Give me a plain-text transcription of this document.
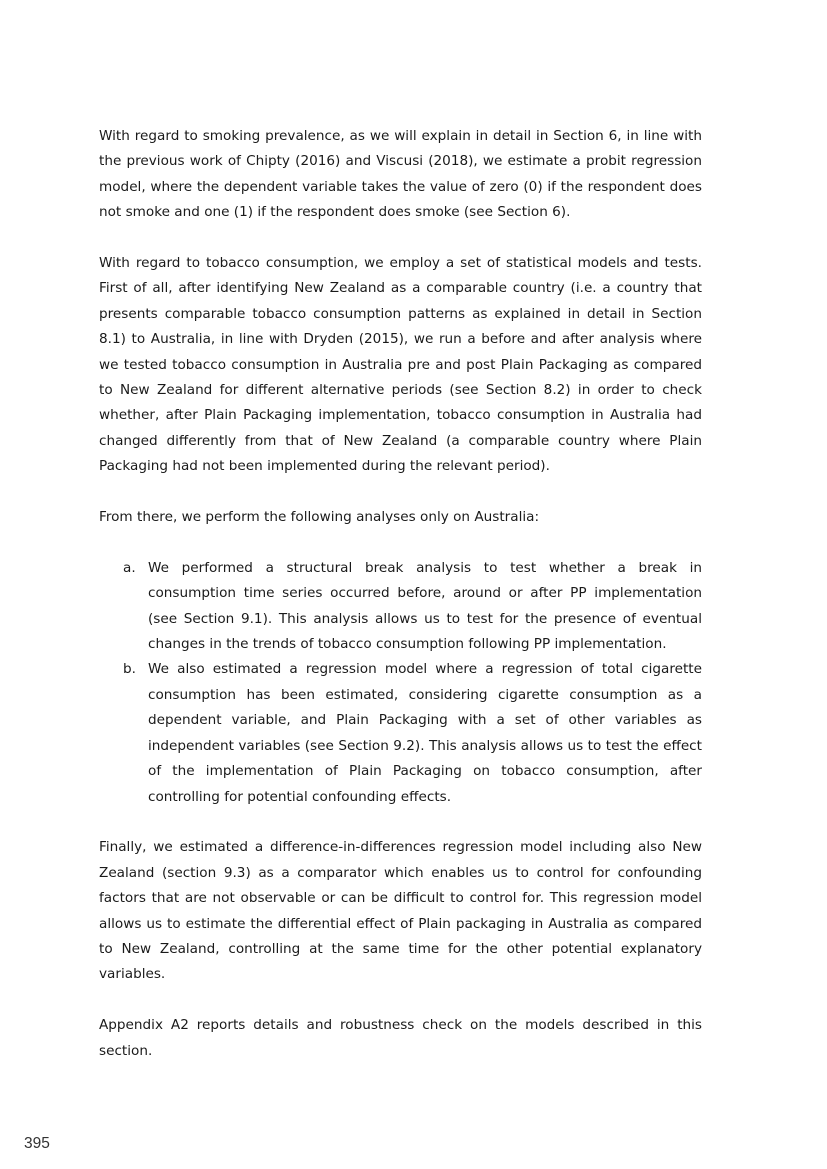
With regard to smoking prevalence, as we will explain in detail in Section 6, in line with the previous work of Chipty (2016) and Viscusi (2018), we estimate a probit regression model, where the dependent variable takes the value of zero (0) if the respondent does not smoke and one (1) if the respondent does smoke (see Section 6).

With regard to tobacco consumption, we employ a set of statistical models and tests. First of all, after identifying New Zealand as a comparable country (i.e. a country that presents comparable tobacco consumption patterns as explained in detail in Section 8.1) to Australia, in line with Dryden (2015), we run a before and after analysis where we tested tobacco consumption in Australia pre and post Plain Packaging as compared to New Zealand for different alternative periods (see Section 8.2) in order to check whether, after Plain Packaging implementation, tobacco consumption in Australia had changed differently from that of New Zealand (a comparable country where Plain Packaging had not been implemented during the relevant period).

From there, we perform the following analyses only on Australia:

a. We performed a structural break analysis to test whether a break in consumption time series occurred before, around or after PP implementation (see Section 9.1). This analysis allows us to test for the presence of eventual changes in the trends of tobacco consumption following PP implementation.
b. We also estimated a regression model where a regression of total cigarette consumption has been estimated, considering cigarette consumption as a dependent variable, and Plain Packaging with a set of other variables as independent variables (see Section 9.2). This analysis allows us to test the effect of the implementation of Plain Packaging on tobacco consumption, after controlling for potential confounding effects.

Finally, we estimated a difference-in-differences regression model including also New Zealand (section 9.3) as a comparator which enables us to control for confounding factors that are not observable or can be difficult to control for. This regression model allows us to estimate the differential effect of Plain packaging in Australia as compared to New Zealand, controlling at the same time for the other potential explanatory variables.

Appendix A2 reports details and robustness check on the models described in this section.

395
